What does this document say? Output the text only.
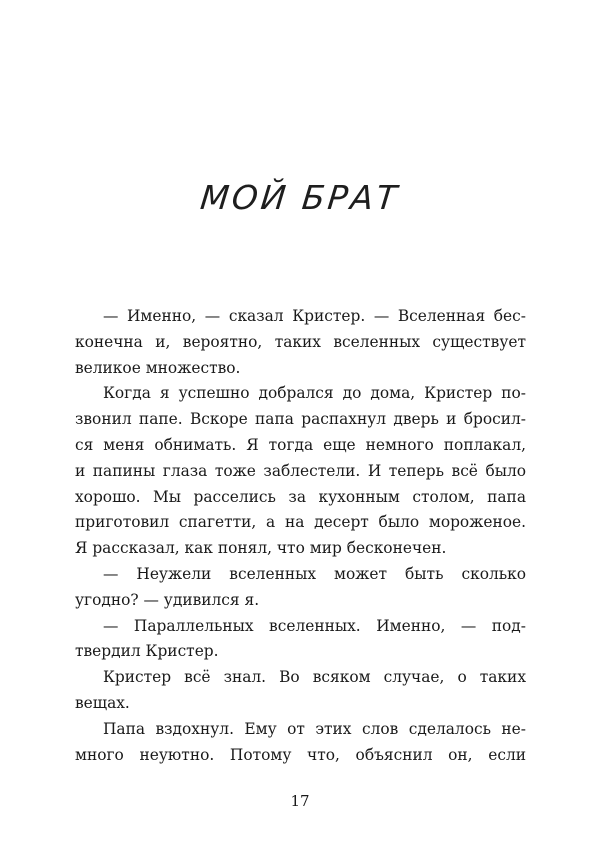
МОЙ БРАТ
— Именно, — сказал Кристер. — Вселенная бес-
конечна и, вероятно, таких вселенных существует
великое множество.
Когда я успешно добрался до дома, Кристер по-
звонил папе. Вскоре папа распахнул дверь и бросил-
ся меня обнимать. Я тогда еще немного поплакал,
и папины глаза тоже заблестели. И теперь всё было
хорошо. Мы расселись за кухонным столом, папа
приготовил спагетти, а на десерт было мороженое.
Я рассказал, как понял, что мир бесконечен.
— Неужели вселенных может быть сколько
угодно? — удивился я.
— Параллельных вселенных. Именно, — под-
твердил Кристер.
Кристер всё знал. Во всяком случае, о таких
вещах.
Папа вздохнул. Ему от этих слов сделалось не-
много неуютно. Потому что, объяснил он, если
17
